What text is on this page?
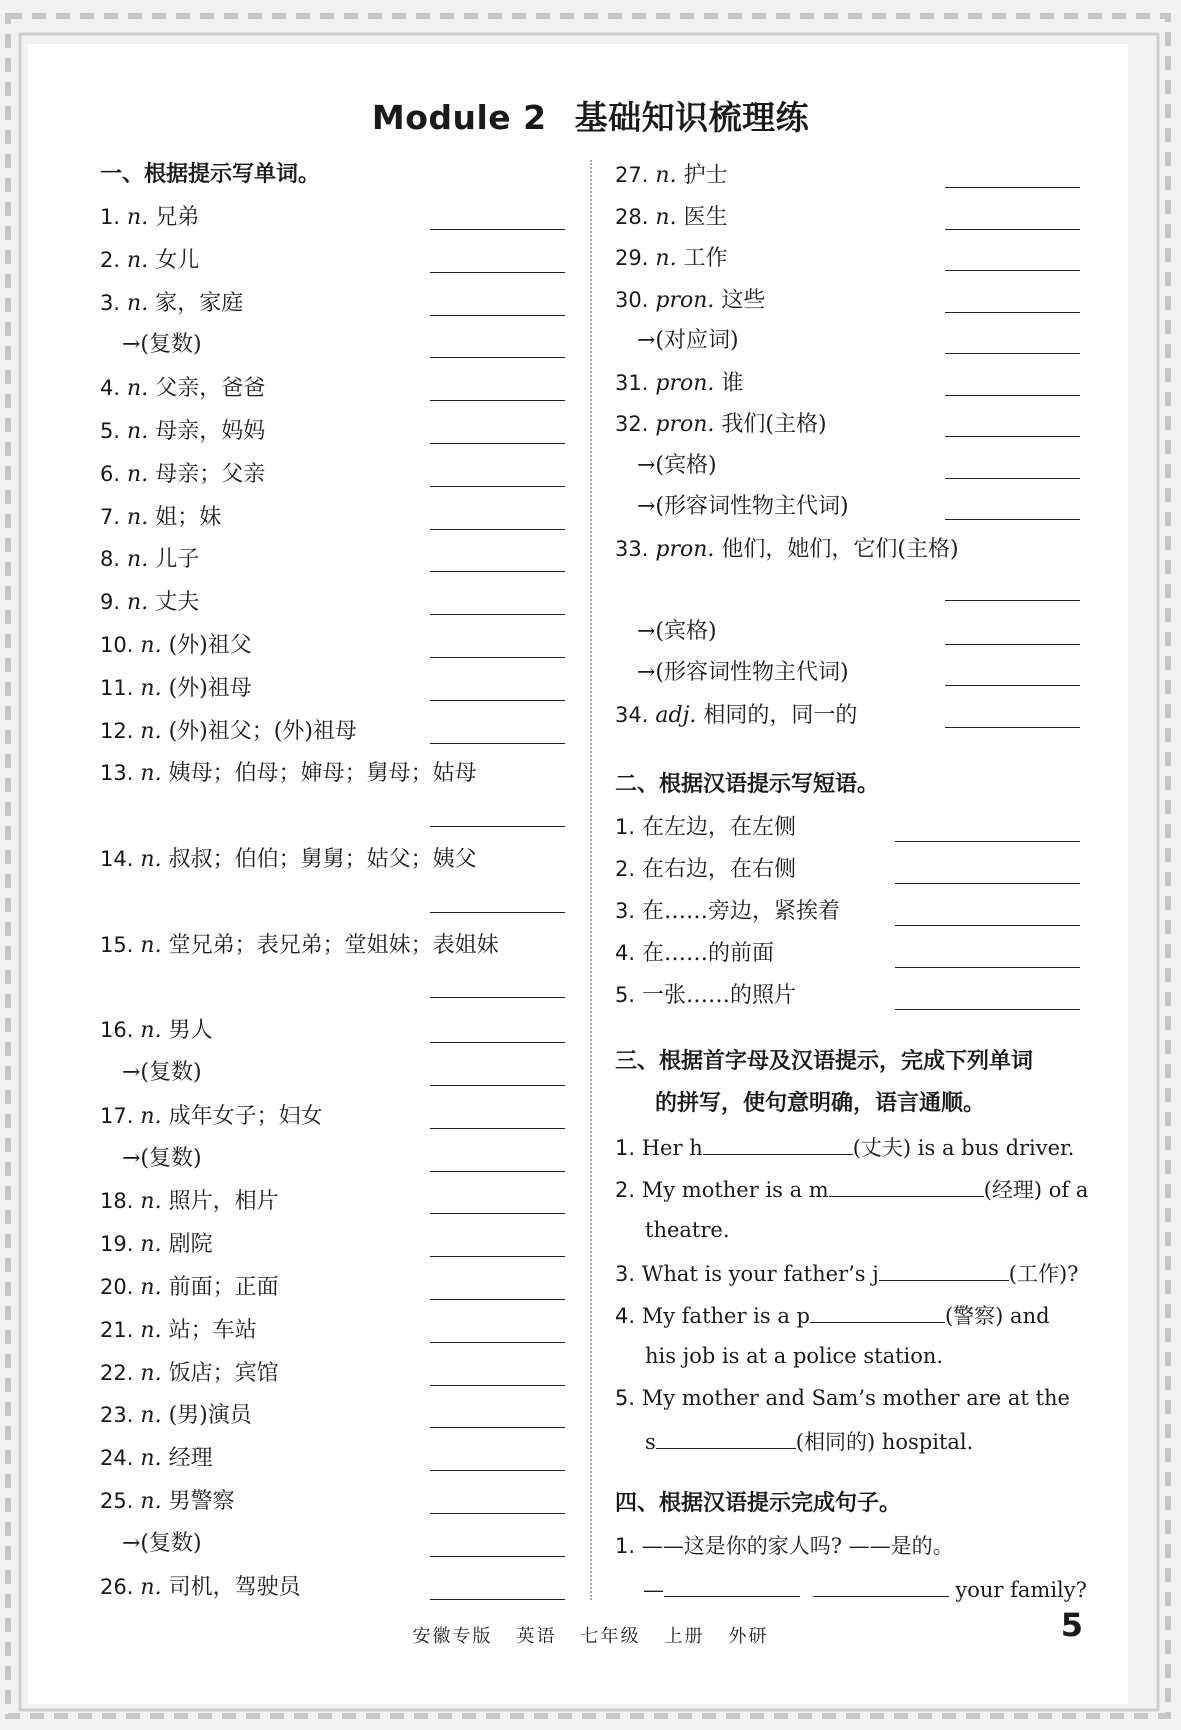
Module 2 基础知识梳理练
一、根据提示写单词。
1. n. 兄弟
2. n. 女儿
3. n. 家，家庭
→(复数)
4. n. 父亲，爸爸
5. n. 母亲，妈妈
6. n. 母亲；父亲
7. n. 姐；妹
8. n. 儿子
9. n. 丈夫
10. n. (外)祖父
11. n. (外)祖母
12. n. (外)祖父；(外)祖母
13. n. 姨母；伯母；婶母；舅母；姑母
14. n. 叔叔；伯伯；舅舅；姑父；姨父
15. n. 堂兄弟；表兄弟；堂姐妹；表姐妹
16. n. 男人
→(复数)
17. n. 成年女子；妇女
→(复数)
18. n. 照片，相片
19. n. 剧院
20. n. 前面；正面
21. n. 站；车站
22. n. 饭店；宾馆
23. n. (男)演员
24. n. 经理
25. n. 男警察
→(复数)
26. n. 司机，驾驶员
27. n. 护士
28. n. 医生
29. n. 工作
30. pron. 这些
→(对应词)
31. pron. 谁
32. pron. 我们(主格)
→(宾格)
→(形容词性物主代词)
33. pron. 他们，她们，它们(主格)
→(宾格)
→(形容词性物主代词)
34. adj. 相同的，同一的
二、根据汉语提示写短语。
1. 在左边，在左侧
2. 在右边，在右侧
3. 在……旁边，紧挨着
4. 在……的前面
5. 一张……的照片
三、根据首字母及汉语提示，完成下列单词
的拼写，使句意明确，语言通顺。
1. Her h	(丈夫) is a bus driver.
2. My mother is a m	(经理) of a
theatre.
3. What is your father’s j	(工作)?
4. My father is a p	(警察) and
his job is at a police station.
5. My mother and Sam’s mother are at the
s	(相同的) hospital.
四、根据汉语提示完成句子。
1. ——这是你的家人吗? ——是的。
—	your family?
安徽专版 英语 七年级 上册 外研	5
